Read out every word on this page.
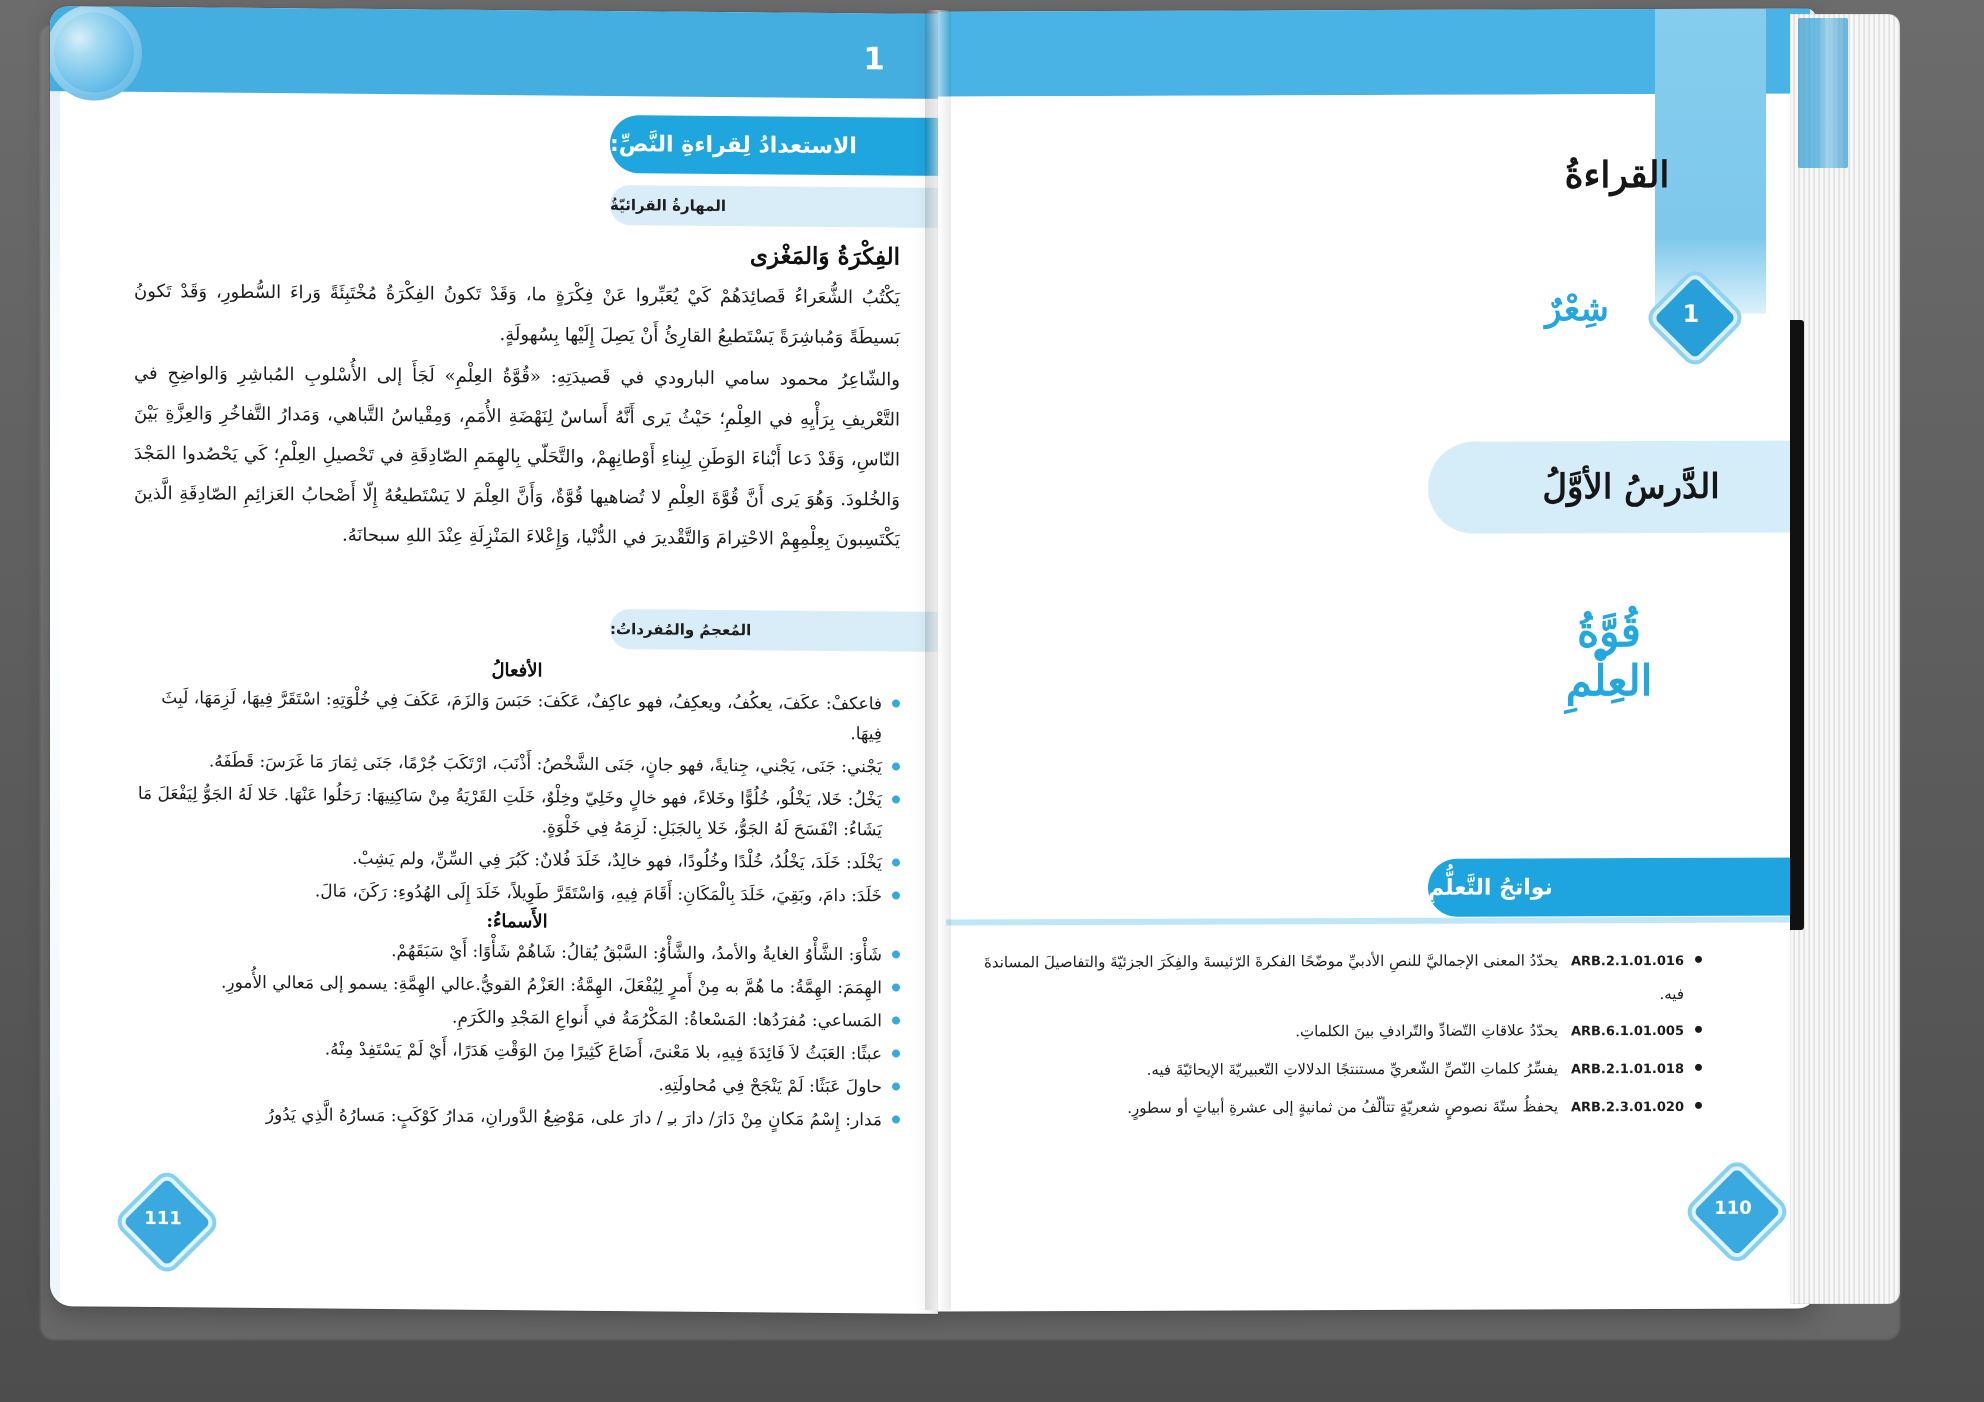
1
الاستعدادُ لِقراءةِ النَّصِّ:
المهارةُ القرائيّةُ
الفِكْرَةُ وَالمَغْزى

يَكْتُبُ الشُّعَراءُ قَصائِدَهُمْ كَيْ يُعَبِّروا عَنْ فِكْرَةٍ ما، وَقَدْ تَكونُ الفِكْرَةُ مُخْتَبِئَةً وَراءَ السُّطورِ، وَقَدْ تَكونُ بَسيطَةً وَمُباشِرَةً يَسْتَطيعُ القارِئُ أَنْ يَصِلَ إِلَيْها بِسُهولَةٍ.

والشّاعِرُ محمود سامي البارودي في قَصيدَتِهِ: «قُوَّةُ العِلْمِ» لَجَأَ إلى الأُسْلوبِ المُباشِرِ وَالواضِحِ في التَّعْريفِ بِرَأْيِهِ في العِلْمِ؛ حَيْثُ يَرى أَنَّهُ أَساسٌ لِنَهْضَةِ الأُمَمِ، وَمِقْياسُ التَّباهي، وَمَدارُ التَّفاخُرِ وَالعِزَّةِ بَيْنَ النّاسِ، وَقَدْ دَعا أَبْناءَ الوَطَنِ لِبِناءِ أَوْطانِهِمْ، والتَّحَلّي بِالهِمَمِ الصّادِقَةِ في تَحْصيلِ العِلْمِ؛ كَي يَحْصُدوا المَجْدَ وَالخُلودَ. وَهُوَ يَرى أَنَّ قُوَّةَ العِلْمِ لا تُضاهيها قُوَّةٌ، وَأَنَّ العِلْمَ لا يَسْتَطيعُهُ إِلّا أَصْحابُ العَزائِمِ الصّادِقَةِ الَّذينَ يَكْتَسِبونَ بِعِلْمِهِمْ الاحْتِرامَ وَالتَّقْديرَ في الدُّنْيا، وَإِعْلاءَ المَنْزِلَةِ عِنْدَ اللهِ سبحانَهُ.

المُعجمُ والمُفرداتُ:
الأفعالُ
فاعكفْ: عكَفَ، يعكُفُ، ويعكِفُ، فهو عاكِفٌ، عَكَفَ: حَبَسَ وَالزَمَ، عَكَفَ فِي خُلْوَتِهِ: اسْتَقَرَّ فِيهَا، لَزِمَهَا، لَبِثَ فِيهَا.
يَجْني: جَنَى، يَجْني، جِنايةً، فهو جانٍ، جَنَى الشَّخْصُ: أَذْنَبَ، ارْتَكَبَ جُرْمًا، جَنَى ثِمَارَ مَا غَرَسَ: قَطَفَهُ.
يَخْلُ: خَلا، يَخْلُو، خُلُوًّا وخَلاءً، فهو خالٍ وخَلِيّ وخِلْوٌ، خَلَتِ القَرْيَةُ مِنْ سَاكِنِيهَا: رَحَلُوا عَنْهَا. خَلا لَهُ الجَوُّ لِيَفْعَلَ مَا يَشَاءُ: انْفَسَحَ لَهُ الجَوُّ، خَلا بِالجَبَلِ: لَزِمَهُ فِي خَلْوَةٍ.
يَخْلَد: خَلَدَ، يَخْلُدُ، خُلْدًا وخُلُودًا، فهو خالِدٌ، خَلَدَ فُلانٌ: كَبُرَ فِي السِّنِّ، ولم يَشِبْ.
خَلَدَ: دامَ، وبَقِيَ، خَلَدَ بِالْمَكَانِ: أَقَامَ فِيهِ، وَاسْتَقَرَّ طَوِيلاً، خَلَدَ إِلَى الهُدُوءِ: رَكَنَ، مَالَ.
الأَسماءُ:
شَأْوَ: الشَّأْوُ الغايةُ والأمدُ، والشَّأْوُ: السَّبْقُ يُقالُ: شَاهُمْ شَأْوًا: أَيْ سَبَقَهُمْ.
الهِمَمَ: الهِمَّةُ: ما هُمَّ به مِنْ أَمرٍ لِيُفْعَلَ، الهِمَّةُ: العَزْمُ القويُّ.عالي الهِمَّةِ: يسمو إلى مَعالي الأُمورِ.
المَساعي: مُفرَدُها: المَسْعاةُ: المَكْرُمَةُ في أَنواعِ المَجْدِ والكَرَمِ.
عبثًا: العَبَثُ لاَ فَائِدَةَ فِيهِ، بلا مَعْنىً، أَضَاعَ كَثِيرًا مِنَ الوَقْتِ هَدَرًا، أَيْ لَمْ يَسْتَفِدْ مِنْهُ.
حاولَ عَبَثًا: لَمْ يَنْجَحْ فِي مُحاولَتِهِ.
مَدار: إِسْمُ مَكانٍ مِنْ دَارَ/ دارَ بـِ / دارَ على، مَوْضِعُ الدَّورانِ، مَدارُ كَوْكَبٍ: مَسارُهُ الَّذِي يَدُورُ
111
القراءةُ
1
شِعْرٌ
الدَّرسُ الأوَّلُ
قُوَّةُ العِلْمِ
نواتجُ التَّعلُّمِ
ARB.2.1.01.016 يحدّدُ المعنى الإجماليَّ للنصِ الأدبيِّ موضّحًا الفكرةَ الرّئيسةَ والفِكَرَ الجزئيّةَ والتفاصيلَ المساندةَ فيه.
ARB.6.1.01.005 يحدّدُ علاقاتِ التّضادِّ والتّرادفِ بينَ الكلماتِ.
ARB.2.1.01.018 يفسِّرُ كلماتِ النّصِّ الشّعريِّ مستنتجًا الدلالاتِ التّعبيريّةَ الإيحائيّةَ فيه.
ARB.2.3.01.020 يحفظُ ستّةَ نصوصٍ شعريّةٍ تتألّفُ من ثمانيةٍ إلى عشرةِ أبياتٍ أو سطورٍ.
110
